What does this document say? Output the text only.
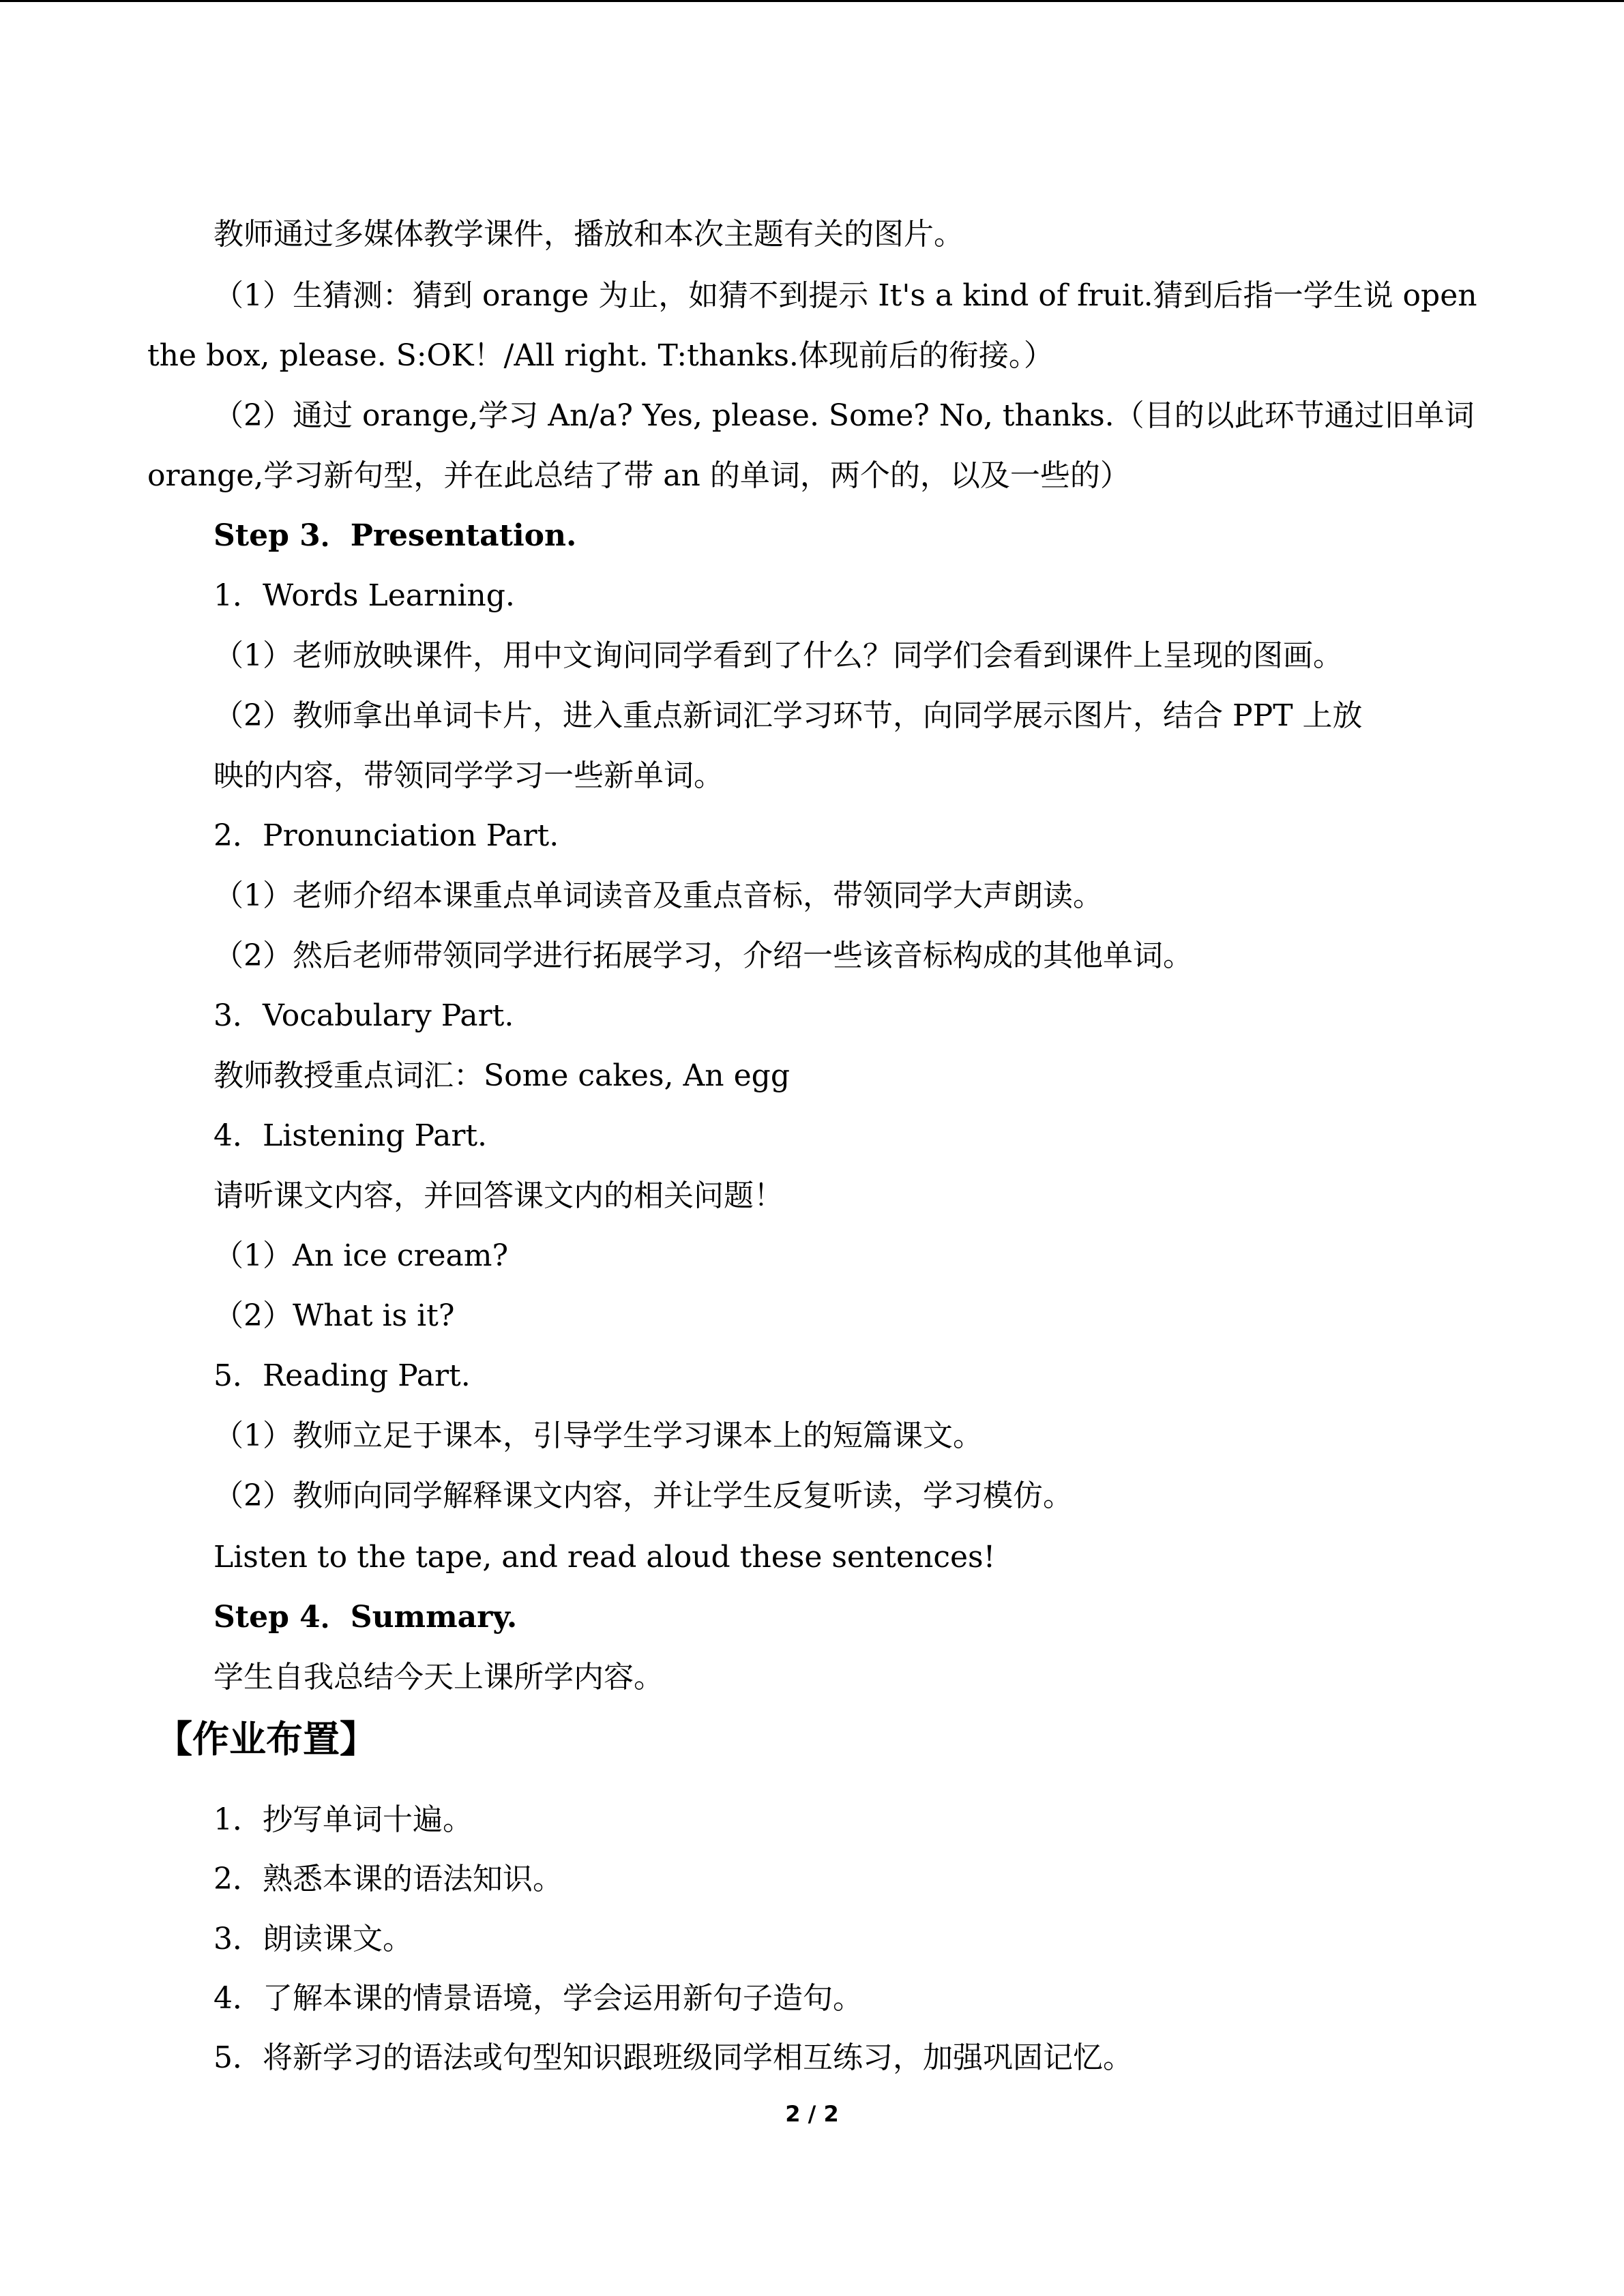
教师通过多媒体教学课件，播放和本次主题有关的图片。
（1）生猜测：猜到 orange 为止，如猜不到提示 It's a kind of fruit.猜到后指一学生说 open
the box, please. S:OK！/All right. T:thanks.体现前后的衔接。）
（2）通过 orange,学习 An/a? Yes, please. Some? No, thanks.（目的以此环节通过旧单词
orange,学习新句型，并在此总结了带 an 的单词，两个的，以及一些的）
Step 3．Presentation.
1．Words Learning.
（1）老师放映课件，用中文询问同学看到了什么？同学们会看到课件上呈现的图画。
（2）教师拿出单词卡片，进入重点新词汇学习环节，向同学展示图片，结合 PPT 上放
映的内容，带领同学学习一些新单词。
2．Pronunciation Part.
（1）老师介绍本课重点单词读音及重点音标，带领同学大声朗读。
（2）然后老师带领同学进行拓展学习，介绍一些该音标构成的其他单词。
3．Vocabulary Part.
教师教授重点词汇：Some cakes, An egg
4．Listening Part.
请听课文内容，并回答课文内的相关问题！
（1）An ice cream?
（2）What is it?
5．Reading Part.
（1）教师立足于课本，引导学生学习课本上的短篇课文。
（2）教师向同学解释课文内容，并让学生反复听读，学习模仿。
Listen to the tape, and read aloud these sentences!
Step 4．Summary.
学生自我总结今天上课所学内容。
【作业布置】
1．抄写单词十遍。
2．熟悉本课的语法知识。
3．朗读课文。
4．了解本课的情景语境，学会运用新句子造句。
5．将新学习的语法或句型知识跟班级同学相互练习，加强巩固记忆。
2 / 2
